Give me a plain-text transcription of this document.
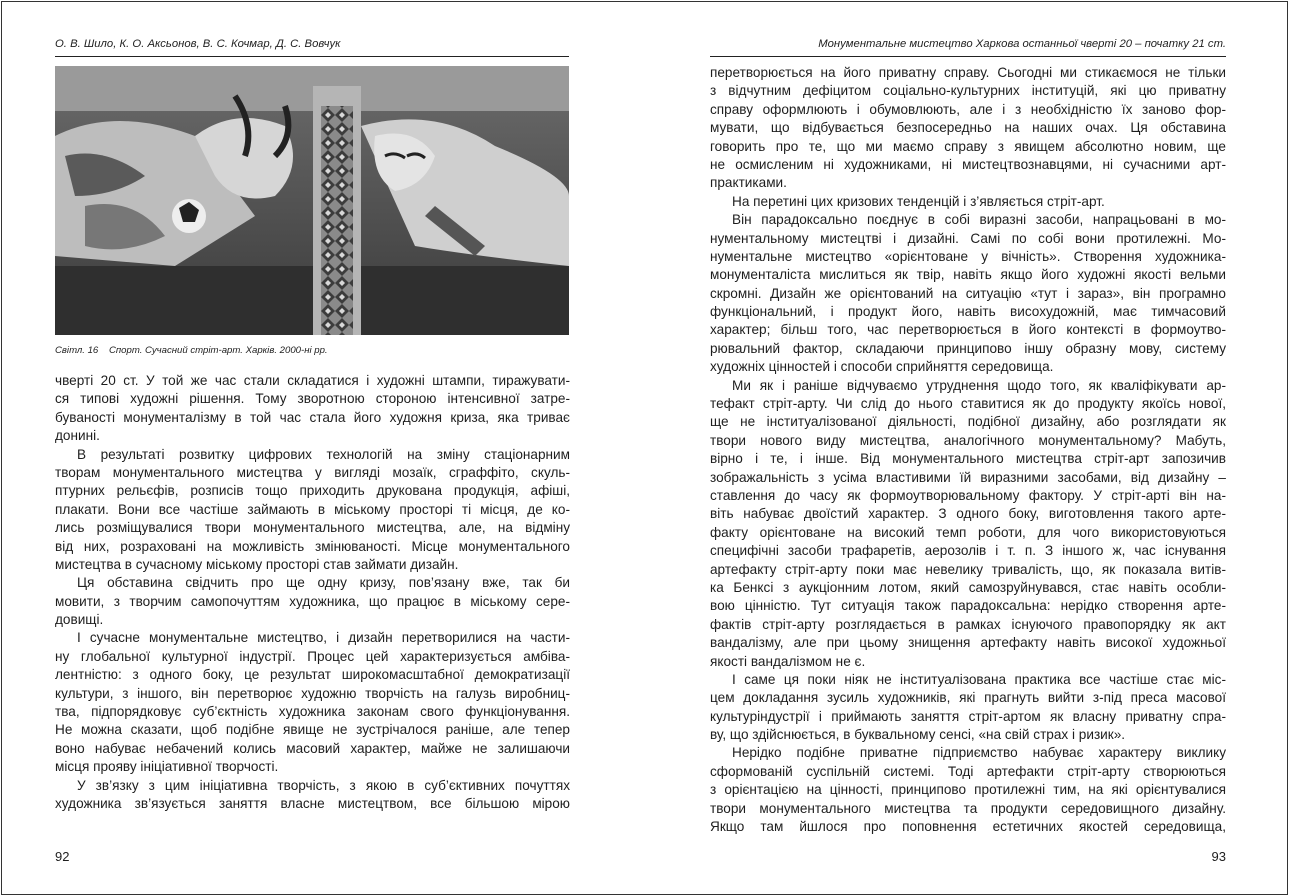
О. В. Шило, К. О. Аксьонов, В. С. Кочмар, Д. С. Вовчук
Світл. 16 Спорт. Сучасний стріт-арт. Харків. 2000-ні рр.
чверті 20 ст. У той же час стали складатися і художні штампи, тиражувати-
ся типові художні рішення. Тому зворотною стороною інтенсивної затре-
буваності монументалізму в той час стала його художня криза, яка триває
донині.
В результаті розвитку цифрових технологій на зміну стаціонарним
творам монументального мистецтва у вигляді мозаїк, сграффіто, скуль-
птурних рельєфів, розписів тощо приходить друкована продукція, афіші,
плакати. Вони все частіше займають в міському просторі ті місця, де ко-
лись розміщувалися твори монументального мистецтва, але, на відміну
від них, розраховані на можливість змінюваності. Місце монументального
мистецтва в сучасному міському просторі став займати дизайн.
Ця обставина свідчить про ще одну кризу, пов’язану вже, так би
мовити, з творчим самопочуттям художника, що працює в міському сере-
довищі.
І сучасне монументальне мистецтво, і дизайн перетворилися на части-
ну глобальної культурної індустрії. Процес цей характеризується амбіва-
лентністю: з одного боку, це результат широкомасштабної демократизації
культури, з іншого, він перетворює художню творчість на галузь виробниц-
тва, підпорядковує суб’єктність художника законам свого функціонування.
Не можна сказати, щоб подібне явище не зустрічалося раніше, але тепер
воно набуває небачений колись масовий характер, майже не залишаючи
місця прояву ініціативної творчості.
У зв’язку з цим ініціативна творчість, з якою в суб’єктивних почуттях
художника зв’язується заняття власне мистецтвом, все більшою мірою
92
Монументальне мистецтво Харкова останньої чверті 20 – початку 21 ст.
перетворюється на його приватну справу. Сьогодні ми стикаємося не тільки
з відчутним дефіцитом соціально-культурних інституцій, які цю приватну
справу оформлюють і обумовлюють, але і з необхідністю їх заново фор-
мувати, що відбувається безпосередньо на наших очах. Ця обставина
говорить про те, що ми маємо справу з явищем абсолютно новим, ще
не осмисленим ні художниками, ні мистецтвознавцями, ні сучасними арт-
практиками.
На перетині цих кризових тенденцій і з’являється стріт-арт.
Він парадоксально поєднує в собі виразні засоби, напрацьовані в мо-
нументальному мистецтві і дизайні. Самі по собі вони протилежні. Мо-
нументальне мистецтво «орієнтоване у вічність». Створення художника-
монументаліста мислиться як твір, навіть якщо його художні якості вельми
скромні. Дизайн же орієнтований на ситуацію «тут і зараз», він програмно
функціональний, і продукт його, навіть висохудожній, має тимчасовий
характер; більш того, час перетворюється в його контексті в формоутво-
рювальний фактор, складаючи принципово іншу образну мову, систему
художніх цінностей і способи сприйняття середовища.
Ми як і раніше відчуваємо утруднення щодо того, як кваліфікувати ар-
тефакт стріт-арту. Чи слід до нього ставитися як до продукту якоїсь нової,
ще не інституалізованої діяльності, подібної дизайну, або розглядати як
твори нового виду мистецтва, аналогічного монументальному? Мабуть,
вірно і те, і інше. Від монументального мистецтва стріт-арт запозичив
зображальність з усіма властивими їй виразними засобами, від дизайну –
ставлення до часу як формоутворювальному фактору. У стріт-арті він на-
віть набуває двоїстий характер. З одного боку, виготовлення такого арте-
факту орієнтоване на високий темп роботи, для чого використовуються
специфічні засоби трафаретів, аерозолів і т. п. З іншого ж, час існування
артефакту стріт-арту поки має невелику тривалість, що, як показала витів-
ка Бенксі з аукціонним лотом, який самозруйнувався, стає навіть особли-
вою цінністю. Тут ситуація також парадоксальна: нерідко створення арте-
фактів стріт-арту розглядається в рамках існуючого правопорядку як акт
вандалізму, але при цьому знищення артефакту навіть високої художньої
якості вандалізмом не є.
І саме ця поки ніяк не інституалізована практика все частіше стає міс-
цем докладання зусиль художників, які прагнуть вийти з-під преса масової
культуріндустрії і приймають заняття стріт-артом як власну приватну спра-
ву, що здійснюється, в буквальному сенсі, «на свій страх і ризик».
Нерідко подібне приватне підприємство набуває характеру виклику
сформованій суспільній системі. Тоді артефакти стріт-арту створюються
з орієнтацією на цінності, принципово протилежні тим, на які орієнтувалися
твори монументального мистецтва та продукти середовищного дизайну.
Якщо там йшлося про поповнення естетичних якостей середовища,
93
